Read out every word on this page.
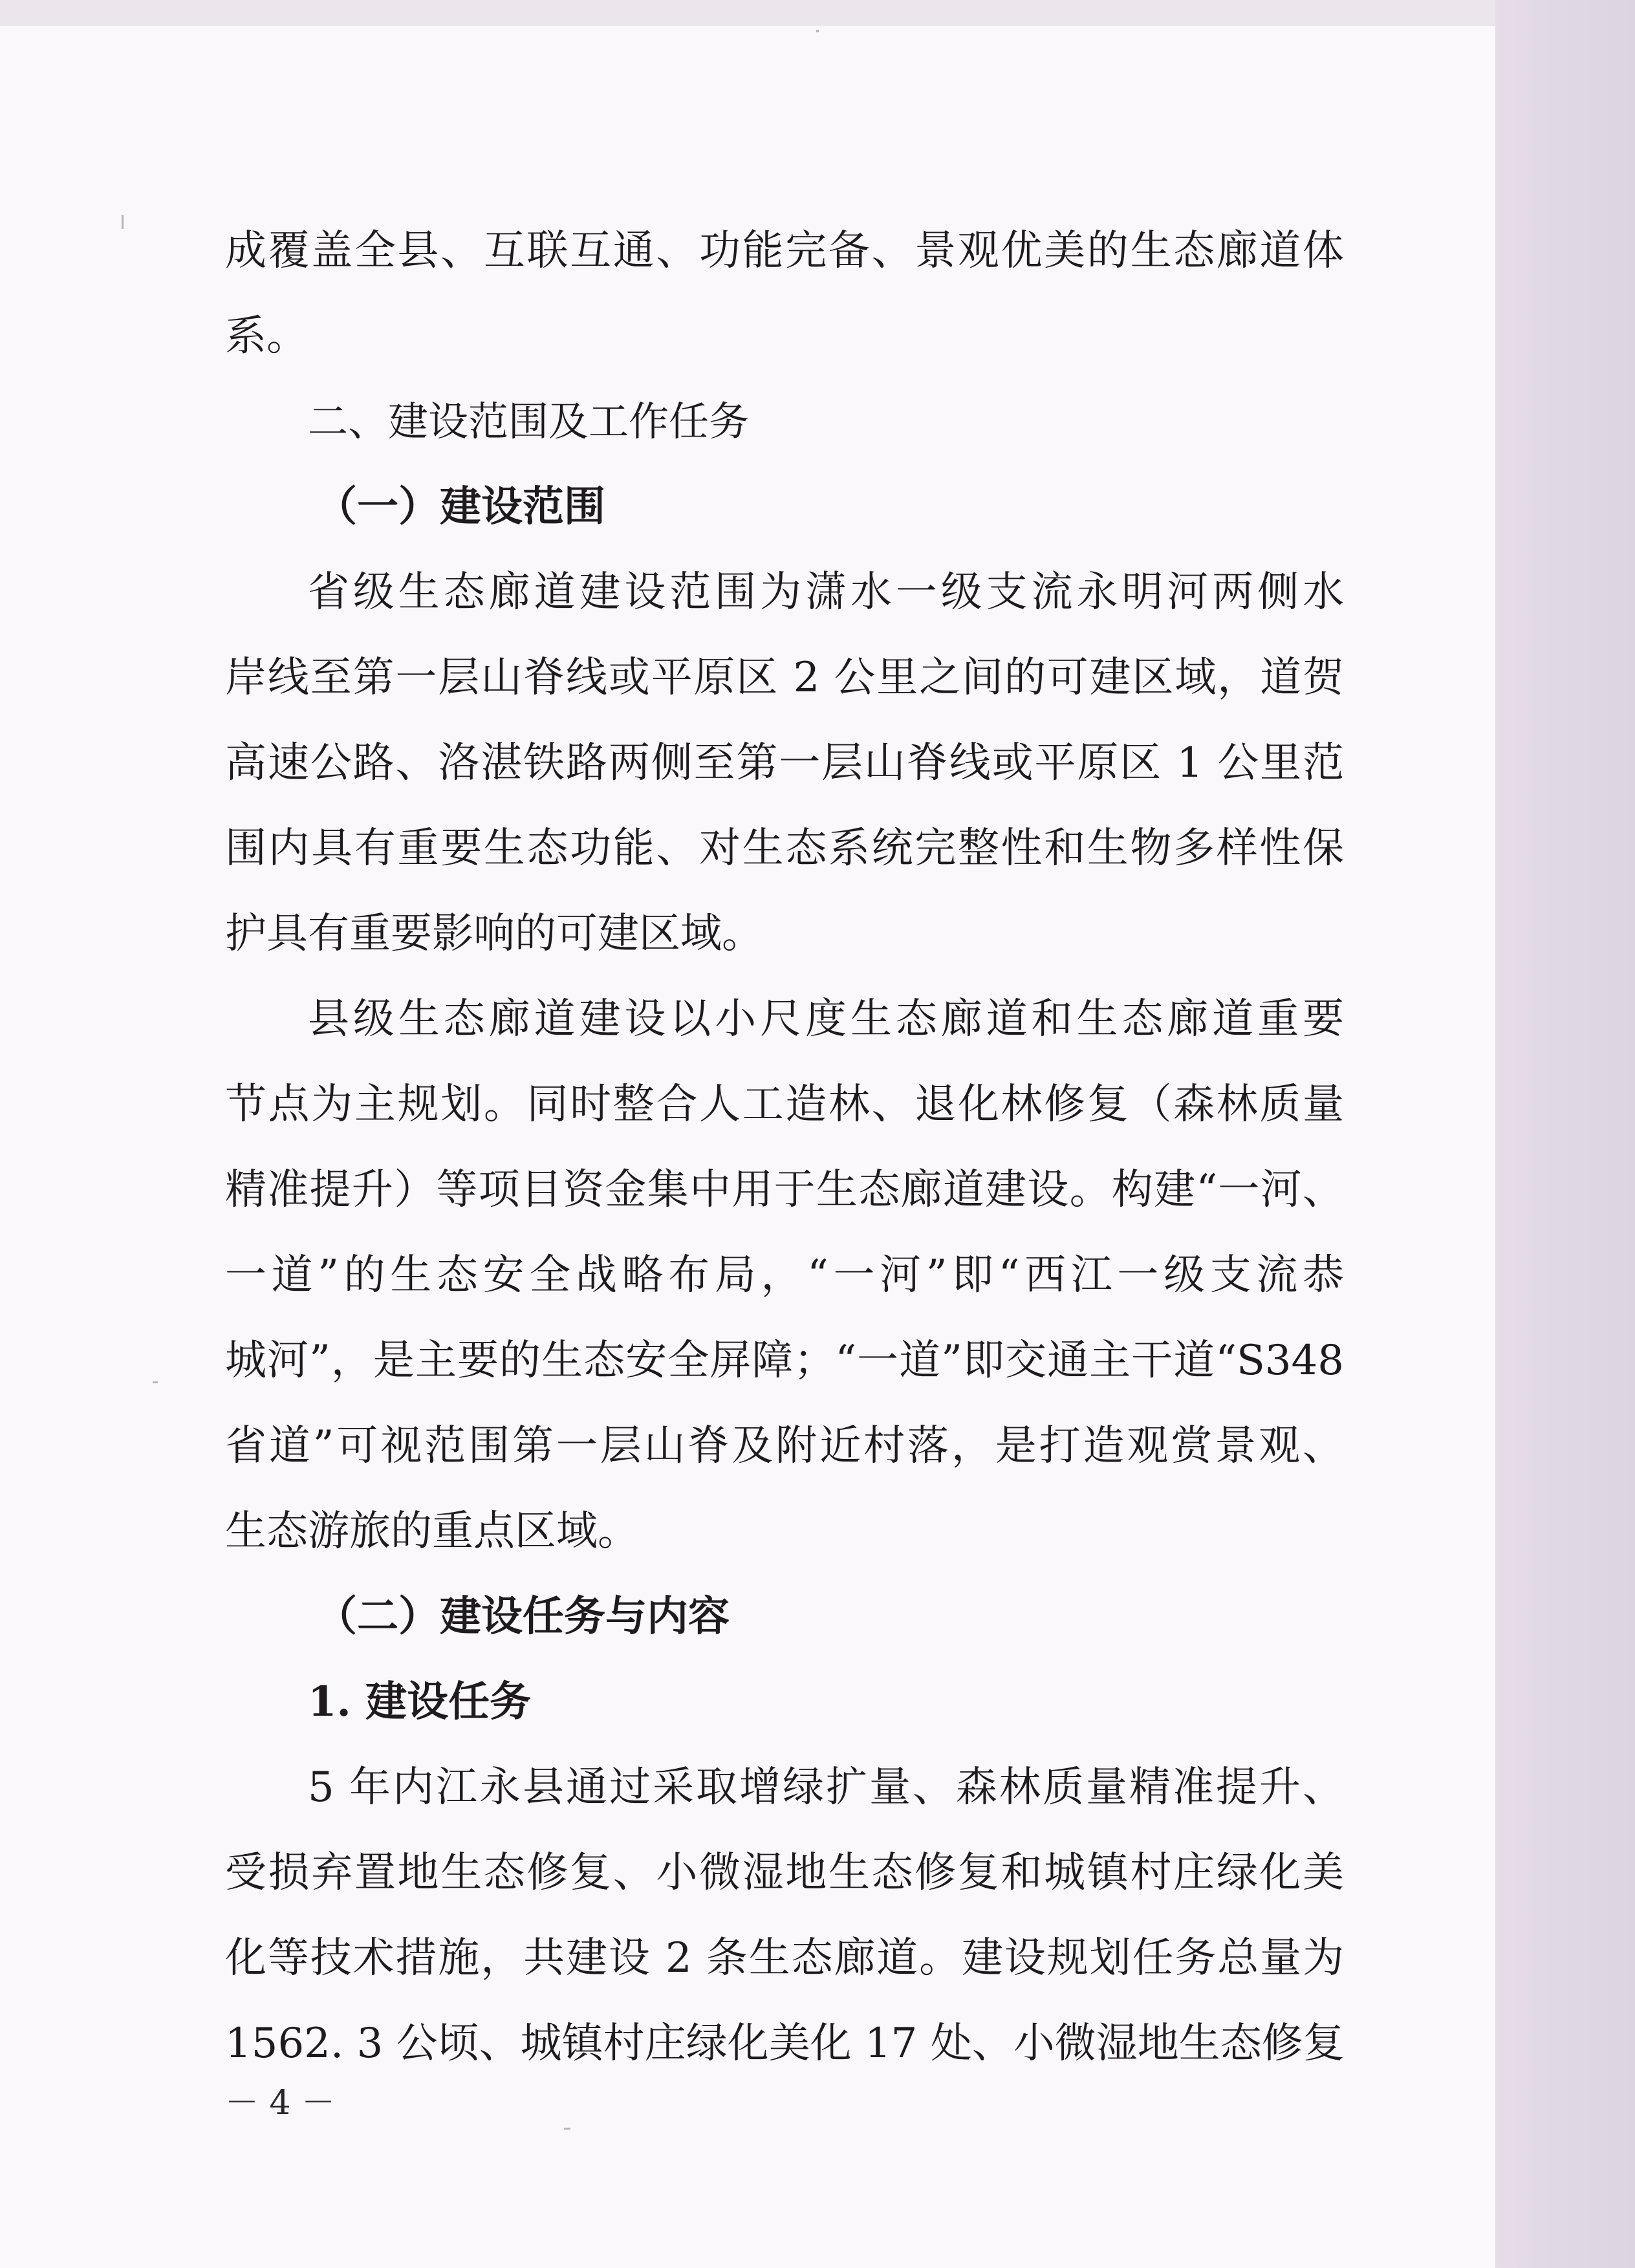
成覆盖全县、互联互通、功能完备、景观优美的生态廊道体
系。
二、建设范围及工作任务
（一）建设范围
省级生态廊道建设范围为潇水一级支流永明河两侧水
岸线至第一层山脊线或平原区 2 公里之间的可建区域，道贺
高速公路、洛湛铁路两侧至第一层山脊线或平原区 1 公里范
围内具有重要生态功能、对生态系统完整性和生物多样性保
护具有重要影响的可建区域。
县级生态廊道建设以小尺度生态廊道和生态廊道重要
节点为主规划。同时整合人工造林、退化林修复（森林质量
精准提升）等项目资金集中用于生态廊道建设。构建“一河、
一道”的生态安全战略布局，“一河”即“西江一级支流恭
城河”，是主要的生态安全屏障；“一道”即交通主干道“S348
省道”可视范围第一层山脊及附近村落，是打造观赏景观、
生态游旅的重点区域。
（二）建设任务与内容
1. 建设任务
5 年内江永县通过采取增绿扩量、森林质量精准提升、
受损弃置地生态修复、小微湿地生态修复和城镇村庄绿化美
化等技术措施，共建设 2 条生态廊道。建设规划任务总量为
1562. 3 公顷、城镇村庄绿化美化 17 处、小微湿地生态修复
－ 4 －
